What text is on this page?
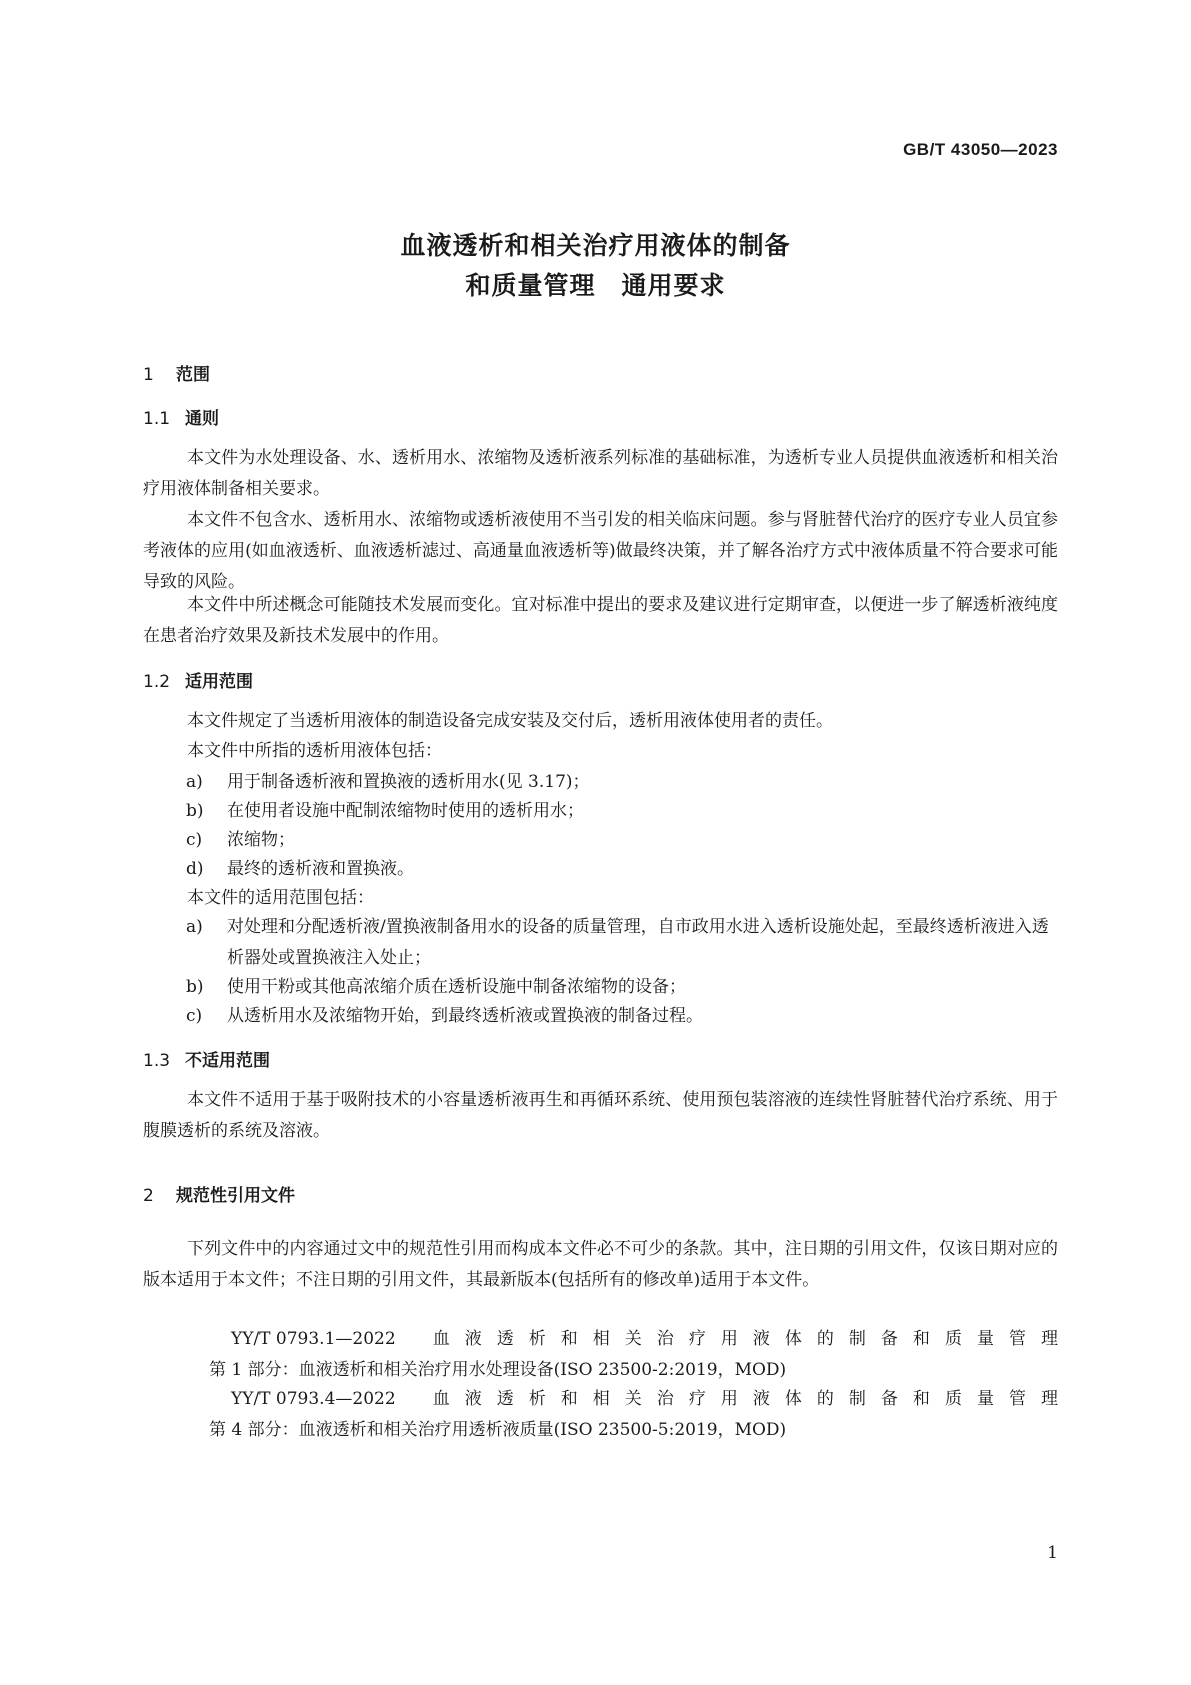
GB/T 43050—2023
血液透析和相关治疗用液体的制备
和质量管理　通用要求
1 范围
1.1 通则
本文件为水处理设备、水、透析用水、浓缩物及透析液系列标准的基础标准，为透析专业人员提供血液透析和相关治疗用液体制备相关要求。
本文件不包含水、透析用水、浓缩物或透析液使用不当引发的相关临床问题。参与肾脏替代治疗的医疗专业人员宜参考液体的应用(如血液透析、血液透析滤过、高通量血液透析等)做最终决策，并了解各治疗方式中液体质量不符合要求可能导致的风险。
本文件中所述概念可能随技术发展而变化。宜对标准中提出的要求及建议进行定期审查，以便进一步了解透析液纯度在患者治疗效果及新技术发展中的作用。
1.2 适用范围
本文件规定了当透析用液体的制造设备完成安装及交付后，透析用液体使用者的责任。
本文件中所指的透析用液体包括：
a)	用于制备透析液和置换液的透析用水(见 3.17)；
b)	在使用者设施中配制浓缩物时使用的透析用水；
c)	浓缩物；
d)	最终的透析液和置换液。
本文件的适用范围包括：
a)	对处理和分配透析液/置换液制备用水的设备的质量管理，自市政用水进入透析设施处起，至最终透析液进入透析器处或置换液注入处止；
b)	使用干粉或其他高浓缩介质在透析设施中制备浓缩物的设备；
c)	从透析用水及浓缩物开始，到最终透析液或置换液的制备过程。
1.3 不适用范围
本文件不适用于基于吸附技术的小容量透析液再生和再循环系统、使用预包装溶液的连续性肾脏替代治疗系统、用于腹膜透析的系统及溶液。
2 规范性引用文件
下列文件中的内容通过文中的规范性引用而构成本文件必不可少的条款。其中，注日期的引用文件，仅该日期对应的版本适用于本文件；不注日期的引用文件，其最新版本(包括所有的修改单)适用于本文件。
YY/T 0793.1—2022 血液透析和相关治疗用液体的制备和质量管理第 1 部分：血液透析和相关治疗用水处理设备(ISO 23500-2:2019，MOD)
YY/T 0793.4—2022 血液透析和相关治疗用液体的制备和质量管理第 4 部分：血液透析和相关治疗用透析液质量(ISO 23500-5:2019，MOD)
1
